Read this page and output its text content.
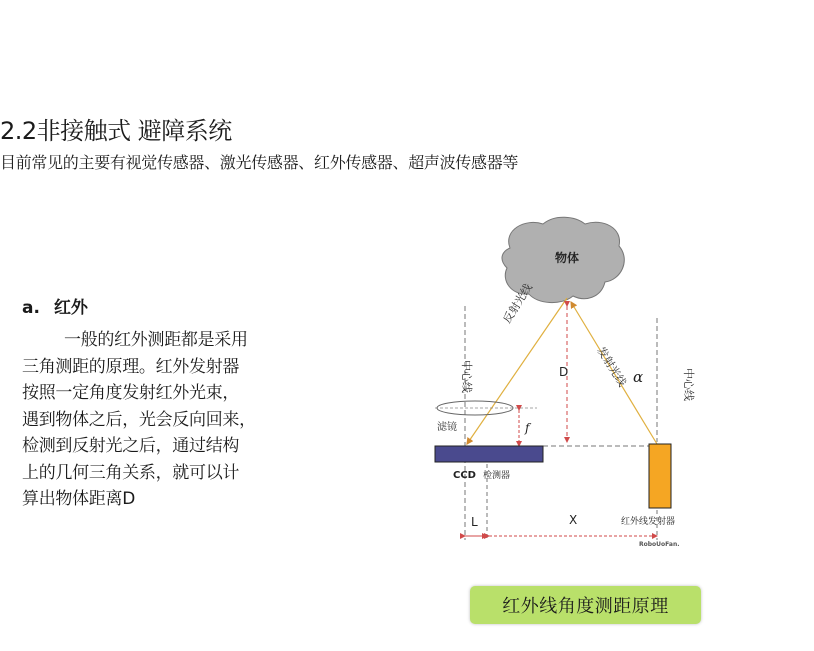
2.2非接触式 避障系统
目前常见的主要有视觉传感器、激光传感器、红外传感器、超声波传感器等
a. 红外
一般的红外测距都是采用
三角测距的原理。红外发射器
按照一定角度发射红外光束，
遇到物体之后，光会反向回来，
检测到反射光之后，通过结构
上的几何三角关系，就可以计
算出物体距离D
物体
中心线	中心线
反射光线
发射光线
D	α
滤镜	f
CCD 检测器
红外线发射器
L	X
RoboUoFan.
红外线角度测距原理
